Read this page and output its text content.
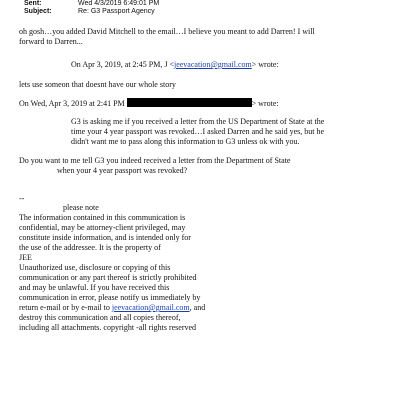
Sent:	Wed 4/3/2019 6:49:01 PM
Subject:	Re: G3 Passport Agency
oh gosh…you added David Mitchell to the email…I believe you meant to add Darren! I will
forward to Darren...
On Apr 3, 2019, at 2:45 PM, J <jeevacation@gmail.com> wrote:
lets use someon that doesnt have our whole story
On Wed, Apr 3, 2019 at 2:41 PM	> wrote:
G3 is asking me if you received a letter from the US Department of State at the
time your 4 year passport was revoked…I asked Darren and he said yes, but he
didn't want me to pass along this information to G3 unless ok with you.
Do you want to me tell G3 you indeed received a letter from the Department of State
when your 4 year passport was revoked?
--
please note
The information contained in this communication is
confidential, may be attorney-client privileged, may
constitute inside information, and is intended only for
the use of the addressee. It is the property of
JEE
Unauthorized use, disclosure or copying of this
communication or any part thereof is strictly prohibited
and may be unlawful. If you have received this
communication in error, please notify us immediately by
return e-mail or by e-mail to jeevacation@gmail.com, and
destroy this communication and all copies thereof,
including all attachments. copyright -all rights reserved
